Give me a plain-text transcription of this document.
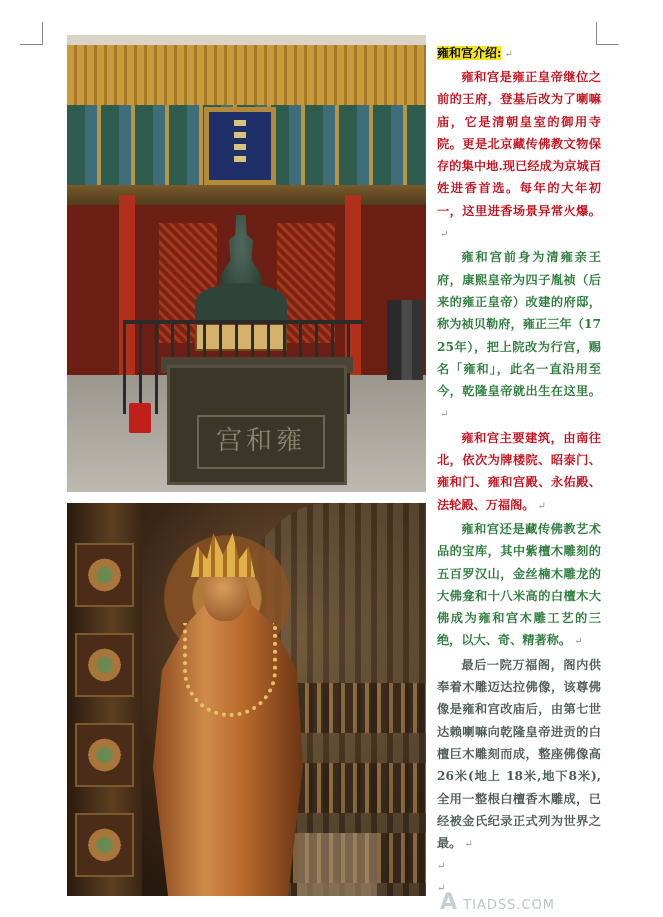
宫和雍
雍和宫介绍: ↵

雍和宫是雍正皇帝继位之前的王府，登基后改为了喇嘛庙，它是清朝皇室的御用寺院。更是北京藏传佛教文物保存的集中地.现已经成为京城百姓进香首选。每年的大年初一，这里进香场景异常火爆。↵

雍和宫前身为清雍亲王府，康熙皇帝为四子胤祯（后来的雍正皇帝）改建的府邸，称为祯贝勒府，雍正三年（1725年），把上院改为行宫，赐名「雍和」，此名一直沿用至今，乾隆皇帝就出生在这里。↵

雍和宫主要建筑，由南往北，依次为牌楼院、昭泰门、雍和门、雍和宫殿、永佑殿、法轮殿、万福阁。 ↵

雍和宫还是藏传佛教艺术品的宝库，其中紫檀木雕刻的五百罗汉山，金丝楠木雕龙的大佛龛和十八米高的白檀木大佛成为雍和宫木雕工艺的三绝，以大、奇、精著称。 ↵

最后一院万福阁，阁内供奉着木雕迈达拉佛像，该尊佛像是雍和宫改庙后，由第七世达赖喇嘛向乾隆皇帝进贡的白檀巨木雕刻而成，整座佛像高26米(地上 18米,地下8米),全用一整根白檀香木雕成，已经被金氏纪录正式列为世界之最。 ↵

↵
↵
A TIADSS.COM
